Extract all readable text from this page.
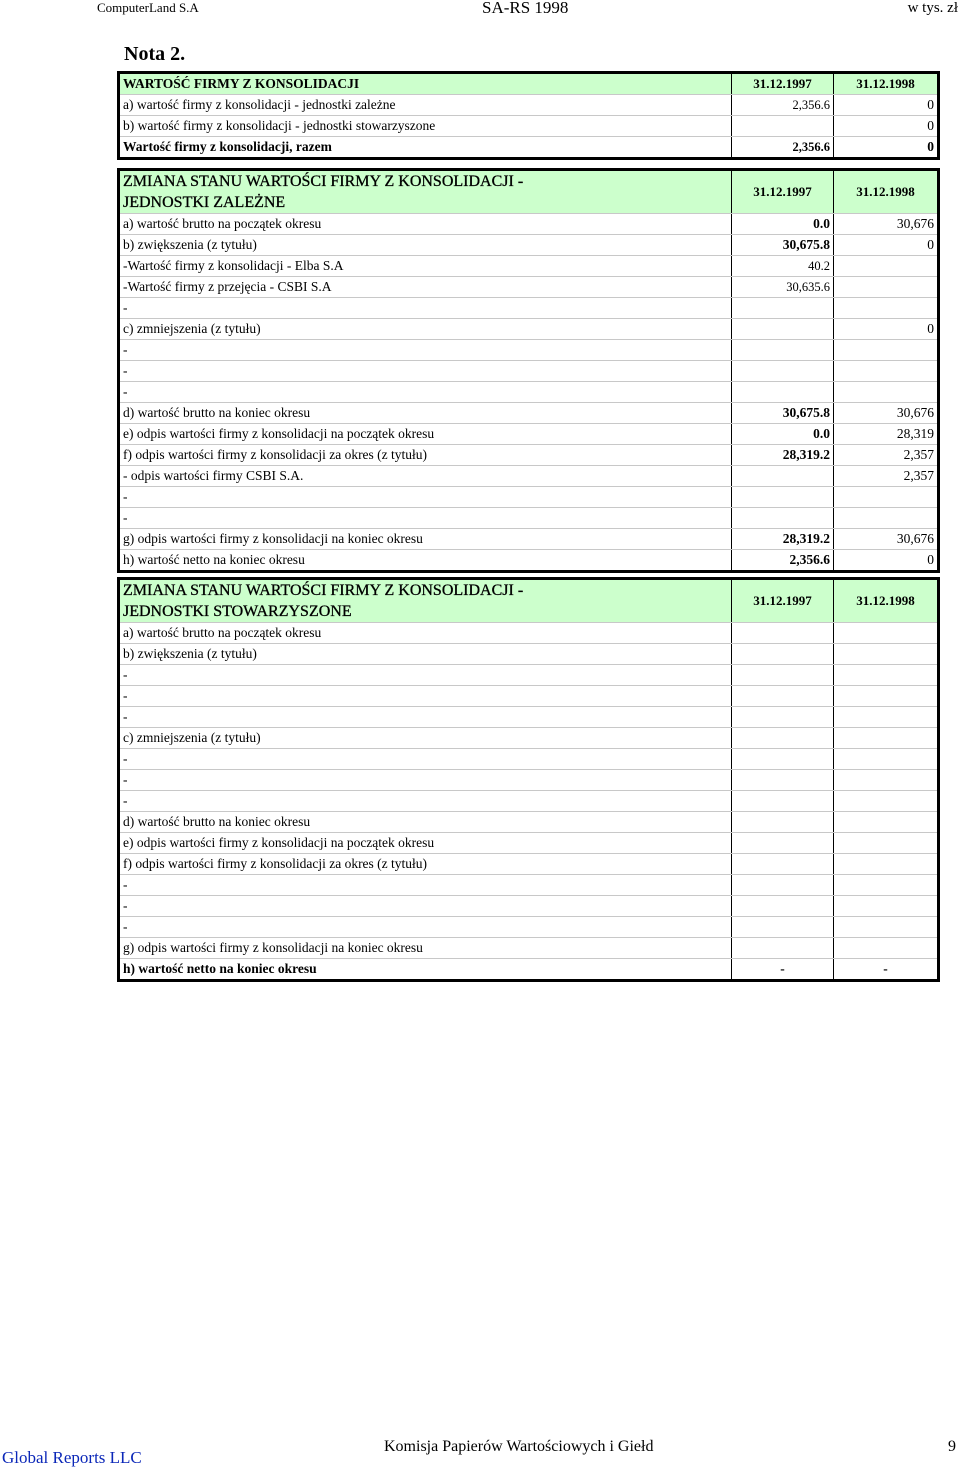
ComputerLand S.A	SA-RS 1998	w tys. zł
Nota 2.
WARTOŚĆ FIRMY Z KONSOLIDACJI	31.12.1997	31.12.1998
a) wartość firmy z konsolidacji - jednostki zależne	2,356.6	0
b) wartość firmy z konsolidacji - jednostki stowarzyszone		0
Wartość firmy z konsolidacji, razem	2,356.6	0
ZMIANA STANU WARTOŚCI FIRMY Z KONSOLIDACJI -
JEDNOSTKI ZALEŻNE	31.12.1997	31.12.1998
a) wartość brutto na początek okresu	0.0	30,676
b) zwiększenia (z tytułu)	30,675.8	0
-Wartość firmy z konsolidacji - Elba S.A	40.2	
-Wartość firmy z przejęcia - CSBI S.A	30,635.6	
-		
c) zmniejszenia (z tytułu)		0
-		
-		
-		
d) wartość brutto na koniec okresu	30,675.8	30,676
e) odpis wartości firmy z konsolidacji na początek okresu	0.0	28,319
f) odpis wartości firmy z konsolidacji za okres (z tytułu)	28,319.2	2,357
- odpis wartości firmy CSBI S.A.		2,357
-		
-		
g) odpis wartości firmy z konsolidacji na koniec okresu	28,319.2	30,676
h) wartość netto na koniec okresu	2,356.6	0
ZMIANA STANU WARTOŚCI FIRMY Z KONSOLIDACJI -
JEDNOSTKI STOWARZYSZONE	31.12.1997	31.12.1998
a) wartość brutto na początek okresu		
b) zwiększenia (z tytułu)		
-		
-		
-		
c) zmniejszenia (z tytułu)		
-		
-		
-		
d) wartość brutto na koniec okresu		
e) odpis wartości firmy z konsolidacji na początek okresu		
f) odpis wartości firmy z konsolidacji za okres (z tytułu)		
-		
-		
-		
g) odpis wartości firmy z konsolidacji na koniec okresu		
h) wartość netto na koniec okresu	-	-
Global Reports LLC
Komisja Papierów Wartościowych i Giełd	9
